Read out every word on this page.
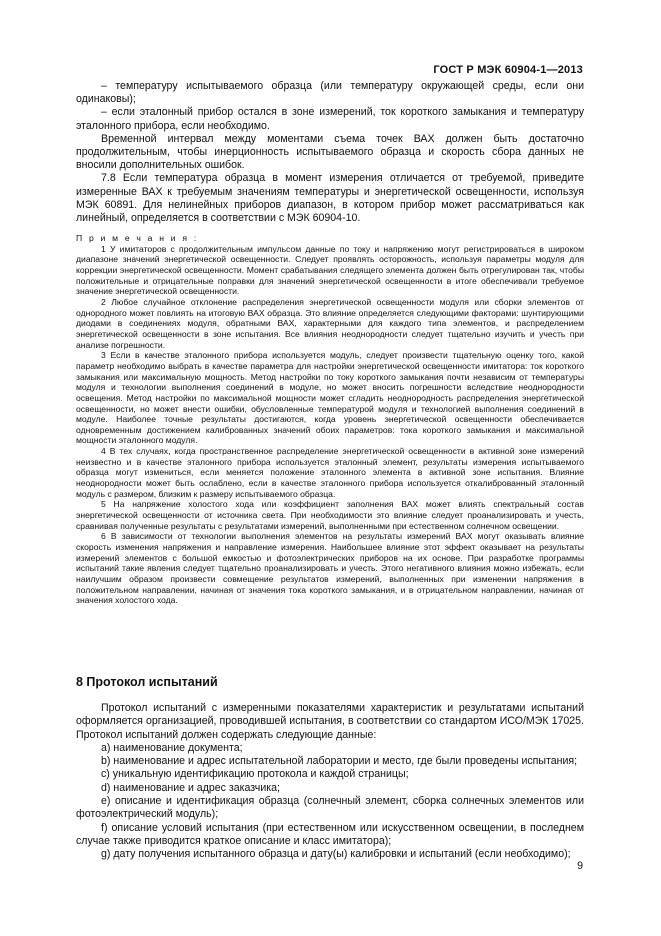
ГОСТ Р МЭК 60904-1—2013

– температуру испытываемого образца (или температуру окружающей среды, если они одинаковы);

– если эталонный прибор остался в зоне измерений, ток короткого замыкания и температуру эталонного прибора, если необходимо.

Временной интервал между моментами съема точек ВАХ должен быть достаточно продолжительным, чтобы инерционность испытываемого образца и скорость сбора данных не вносили дополнительных ошибок.

7.8 Если температура образца в момент измерения отличается от требуемой, приведите измеренные ВАХ к требуемым значениям температуры и энергетической освещенности, используя МЭК 60891. Для нелинейных приборов диапазон, в котором прибор может рассматриваться как линейный, определяется в соответствии с МЭК 60904-10.

П р и м е ч а н и я :

1 У имитаторов с продолжительным импульсом данные по току и напряжению могут регистрироваться в широком диапазоне значений энергетической освещенности. Следует проявлять осторожность, используя параметры модуля для коррекции энергетической освещенности. Момент срабатывания следящего элемента должен быть отрегулирован так, чтобы положительные и отрицательные поправки для значений энергетической освещенности в итоге обеспечивали требуемое значение энергетической освещенности.

2 Любое случайное отклонение распределения энергетической освещенности модуля или сборки элементов от однородного может повлиять на итоговую ВАХ образца. Это влияние определяется следующими факторами: шунтирующими диодами в соединениях модуля, обратными ВАХ, характерными для каждого типа элементов, и распределением энергетической освещенности в зоне испытания. Все влияния неоднородности следует тщательно изучить и учесть при анализе погрешности.

3 Если в качестве эталонного прибора используется модуль, следует произвести тщательную оценку того, какой параметр необходимо выбрать в качестве параметра для настройки энергетической освещенности имитатора: ток короткого замыкания или максимальную мощность. Метод настройки по току короткого замыкания почти независим от температуры модуля и технологии выполнения соединений в модуле, но может вносить погрешности вследствие неоднородности освещения. Метод настройки по максимальной мощности может сгладить неоднородность распределения энергетической освещенности, но может внести ошибки, обусловленные температурой модуля и технологией выполнения соединений в модуле. Наиболее точные результаты достигаются, когда уровень энергетической освещенности обеспечивается одновременным достижением калиброванных значений обоих параметров: тока короткого замыкания и максимальной мощности эталонного модуля.

4 В тех случаях, когда пространственное распределение энергетической освещенности в активной зоне измерений неизвестно и в качестве эталонного прибора используется эталонный элемент, результаты измерения испытываемого образца могут измениться, если меняется положение эталонного элемента в активной зоне испытания. Влияние неоднородности может быть ослаблено, если в качестве эталонного прибора используется откалиброванный эталонный модуль с размером, близким к размеру испытываемого образца.

5 На напряжение холостого хода или коэффициент заполнения ВАХ может влиять спектральный состав энергетической освещенности от источника света. При необходимости это влияние следует проанализировать и учесть, сравнивая полученные результаты с результатами измерений, выполненными при естественном солнечном освещении.

6 В зависимости от технологии выполнения элементов на результаты измерений ВАХ могут оказывать влияние скорость изменения напряжения и направление измерения. Наибольшее влияние этот эффект оказывает на результаты измерений элементов с большой емкостью и фотоэлектрических приборов на их основе. При разработке программы испытаний такие явления следует тщательно проанализировать и учесть. Этого негативного влияния можно избежать, если наилучшим образом произвести совмещение результатов измерений, выполненных при изменении напряжения в положительном направлении, начиная от значения тока короткого замыкания, и в отрицательном направлении, начиная от значения холостого хода.

8 Протокол испытаний

Протокол испытаний с измеренными показателями характеристик и результатами испытаний оформляется организацией, проводившей испытания, в соответствии со стандартом ИСО/МЭК 17025. Протокол испытаний должен содержать следующие данные:

a) наименование документа;

b) наименование и адрес испытательной лаборатории и место, где были проведены испытания;

c) уникальную идентификацию протокола и каждой страницы;

d) наименование и адрес заказчика;

e) описание и идентификация образца (солнечный элемент, сборка солнечных элементов или фотоэлектрический модуль);

f) описание условий испытания (при естественном или искусственном освещении, в последнем случае также приводится краткое описание и класс имитатора);

g) дату получения испытанного образца и дату(ы) калибровки и испытаний (если необходимо);

9
